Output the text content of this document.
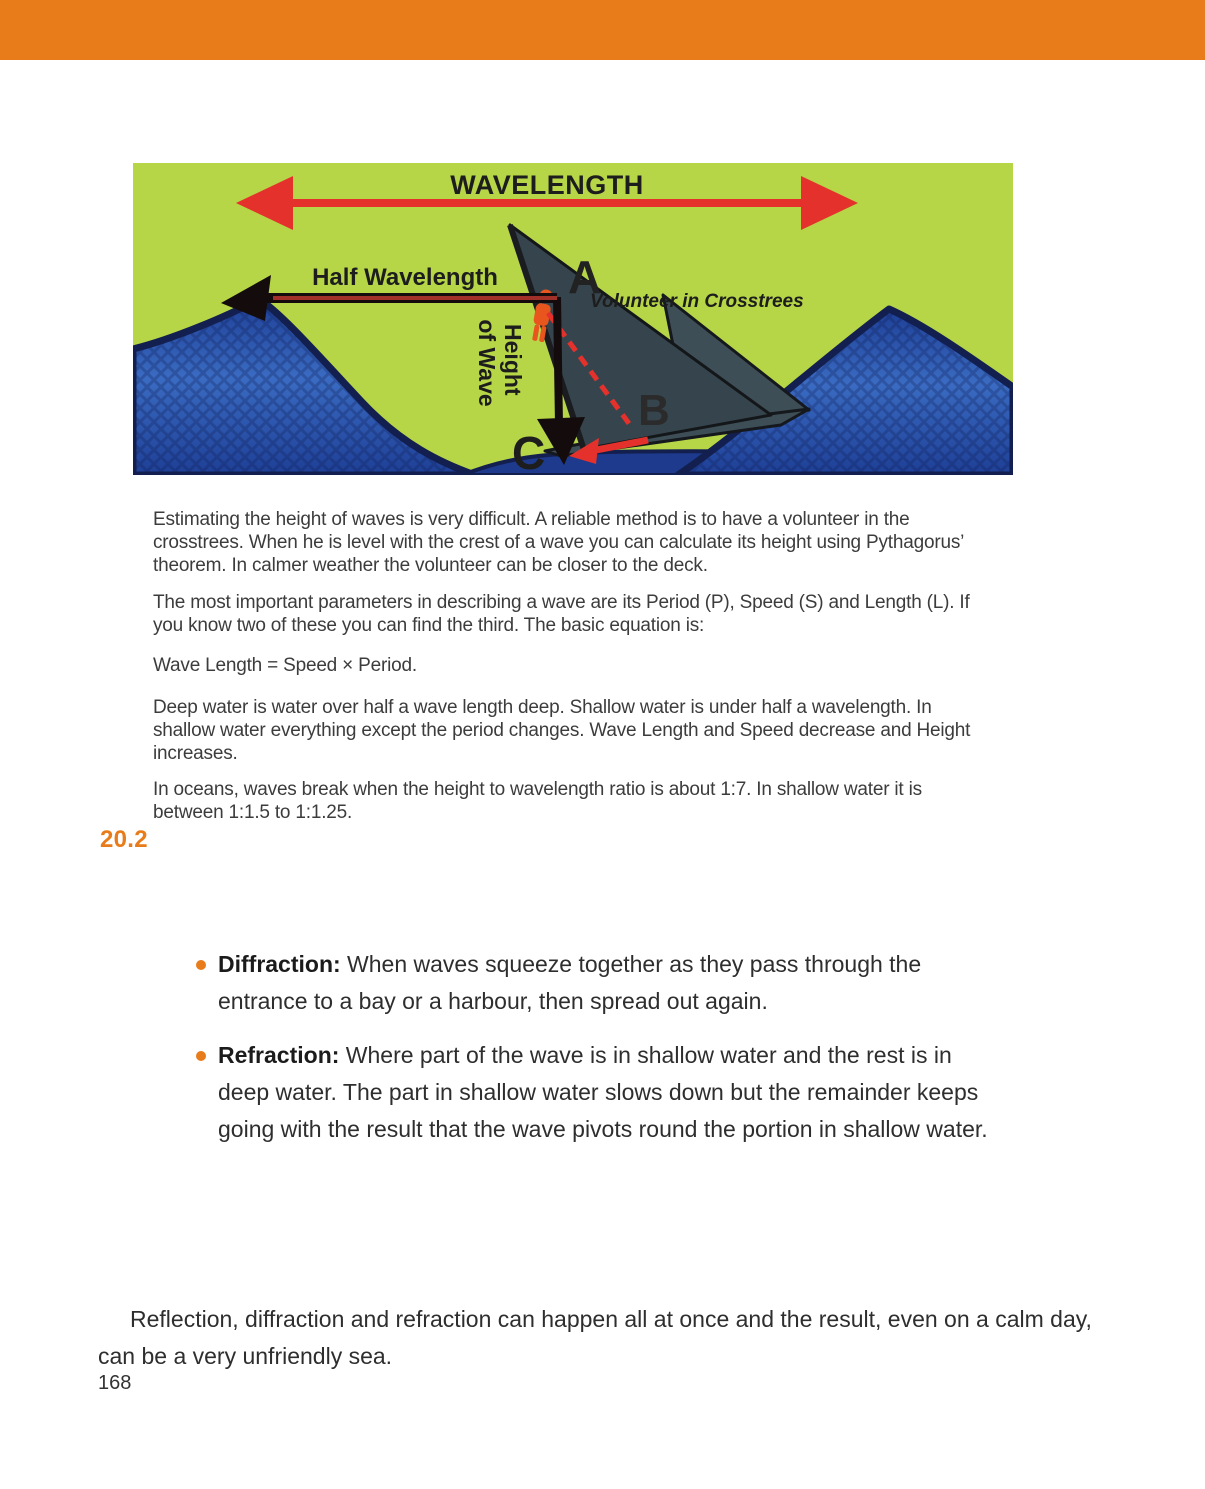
WAVELENGTH
Half Wavelength A
Volunteer in Crosstrees
B
C
Height of Wave

Estimating the height of waves is very difficult. A reliable method is to have a volunteer in the crosstrees. When he is level with the crest of a wave you can calculate its height using Pythagorus’ theorem. In calmer weather the volunteer can be closer to the deck.

The most important parameters in describing a wave are its Period (P), Speed (S) and Length (L). If you know two of these you can find the third. The basic equation is:

Wave Length = Speed × Period.

Deep water is water over half a wave length deep. Shallow water is under half a wavelength. In shallow water everything except the period changes. Wave Length and Speed decrease and Height increases.

In oceans, waves break when the height to wavelength ratio is about 1:7. In shallow water it is between 1:1.5 to 1:1.25.

20.2
Diffraction: When waves squeeze together as they pass through the entrance to a bay or a harbour, then spread out again.
Refraction: Where part of the wave is in shallow water and the rest is in deep water. The part in shallow water slows down but the remainder keeps going with the result that the wave pivots round the portion in shallow water.

Reflection, diffraction and refraction can happen all at once and the result, even on a calm day, can be a very unfriendly sea.

168
